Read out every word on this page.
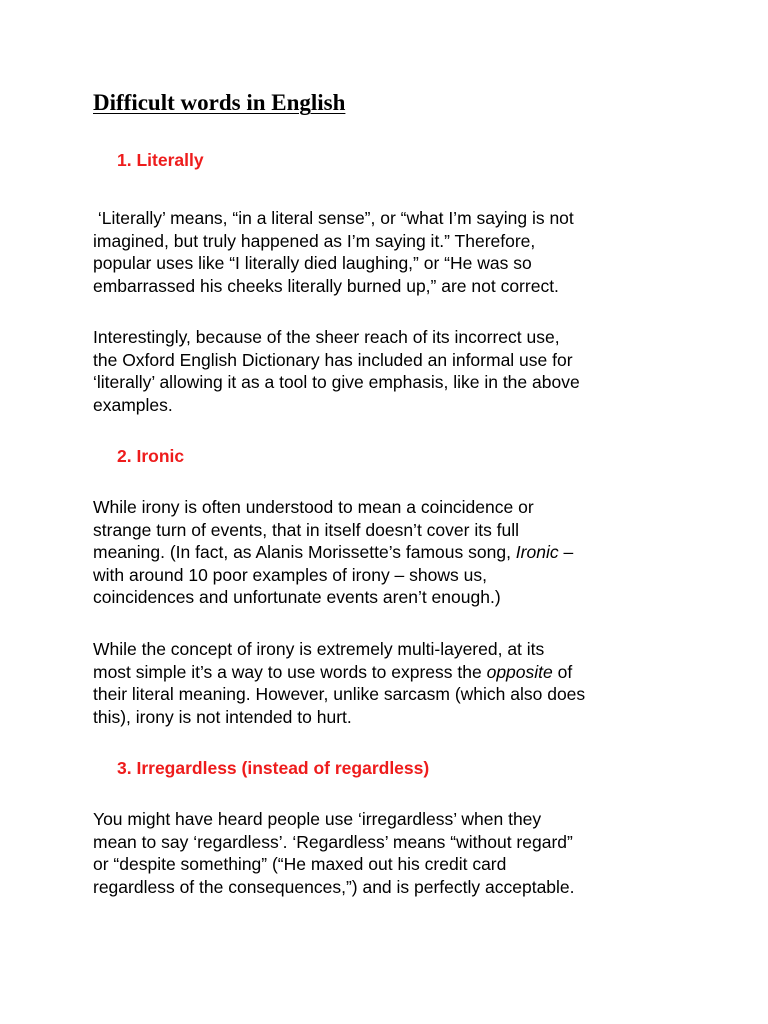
Difficult words in English
1. Literally

‘Literally’ means, “in a literal sense”, or “what I’m saying is not
imagined, but truly happened as I’m saying it.” Therefore,
popular uses like “I literally died laughing,” or “He was so
embarrassed his cheeks literally burned up,” are not correct.

Interestingly, because of the sheer reach of its incorrect use,
the Oxford English Dictionary has included an informal use for
‘literally’ allowing it as a tool to give emphasis, like in the above
examples.

2. Ironic

While irony is often understood to mean a coincidence or
strange turn of events, that in itself doesn’t cover its full
meaning. (In fact, as Alanis Morissette’s famous song, Ironic –
with around 10 poor examples of irony – shows us,
coincidences and unfortunate events aren’t enough.)

While the concept of irony is extremely multi-layered, at its
most simple it’s a way to use words to express the opposite of
their literal meaning. However, unlike sarcasm (which also does
this), irony is not intended to hurt.

3. Irregardless (instead of regardless)

You might have heard people use ‘irregardless’ when they
mean to say ‘regardless’. ‘Regardless’ means “without regard”
or “despite something” (“He maxed out his credit card
regardless of the consequences,”) and is perfectly acceptable.
